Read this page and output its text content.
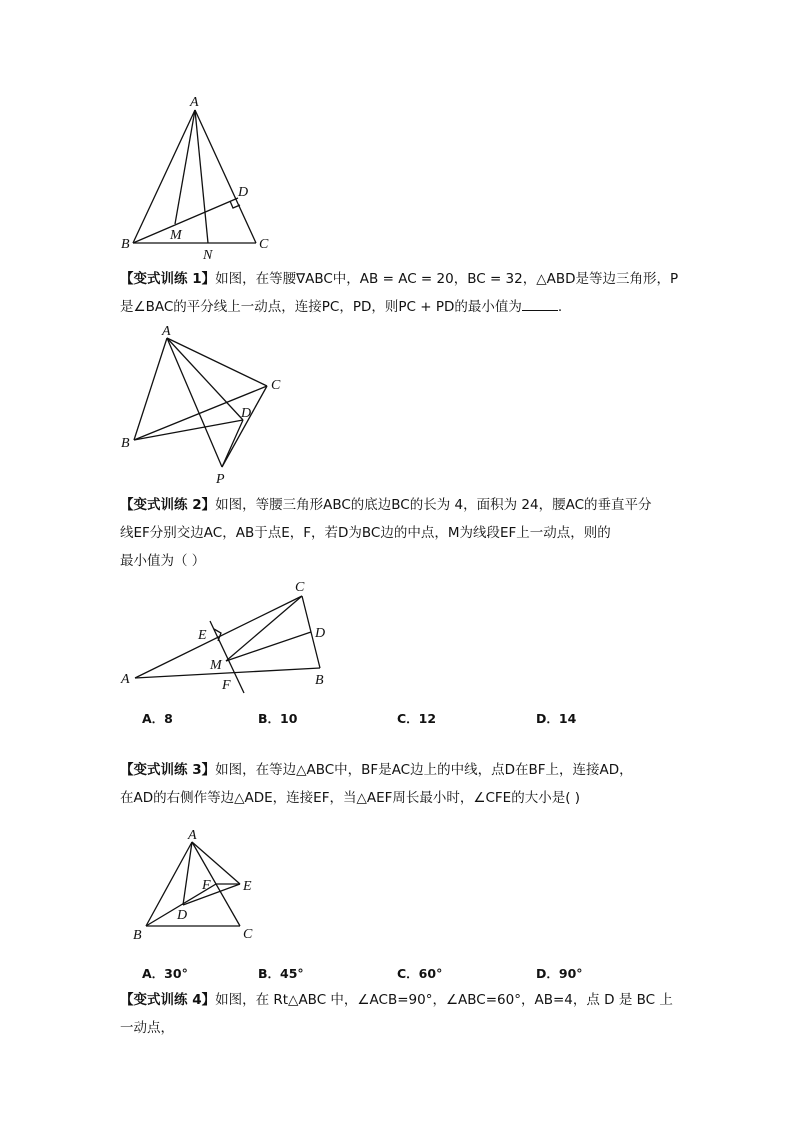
A
B	C
D
M
N
【变式训练 1】如图，在等腰∇ABC中，AB = AC = 20，BC = 32，△ABD是等边三角形，P
是∠BAC的平分线上一动点，连接PC，PD，则PC + PD的最小值为	.
A
B
C
D
P
【变式训练 2】如图，等腰三角形ABC的底边BC的长为 4，面积为 24，腰AC的垂直平分
线EF分别交边AC，AB于点E，F，若D为BC边的中点，M为线段EF上一动点，则的
最小值为（ ）
C
E	D
M
A	F	B
A．8	B．10	C．12	D．14
【变式训练 3】如图，在等边△ABC中，BF是AC边上的中线，点D在BF上，连接AD，
在AD的右侧作等边△ADE，连接EF，当△AEF周长最小时，∠CFE的大小是( )
A
F E
D
B	C
A．30°	B．45°	C．60°	D．90°
【变式训练 4】如图，在 Rt△ABC 中，∠ACB=90°，∠ABC=60°，AB=4，点 D 是 BC 上一动点，
